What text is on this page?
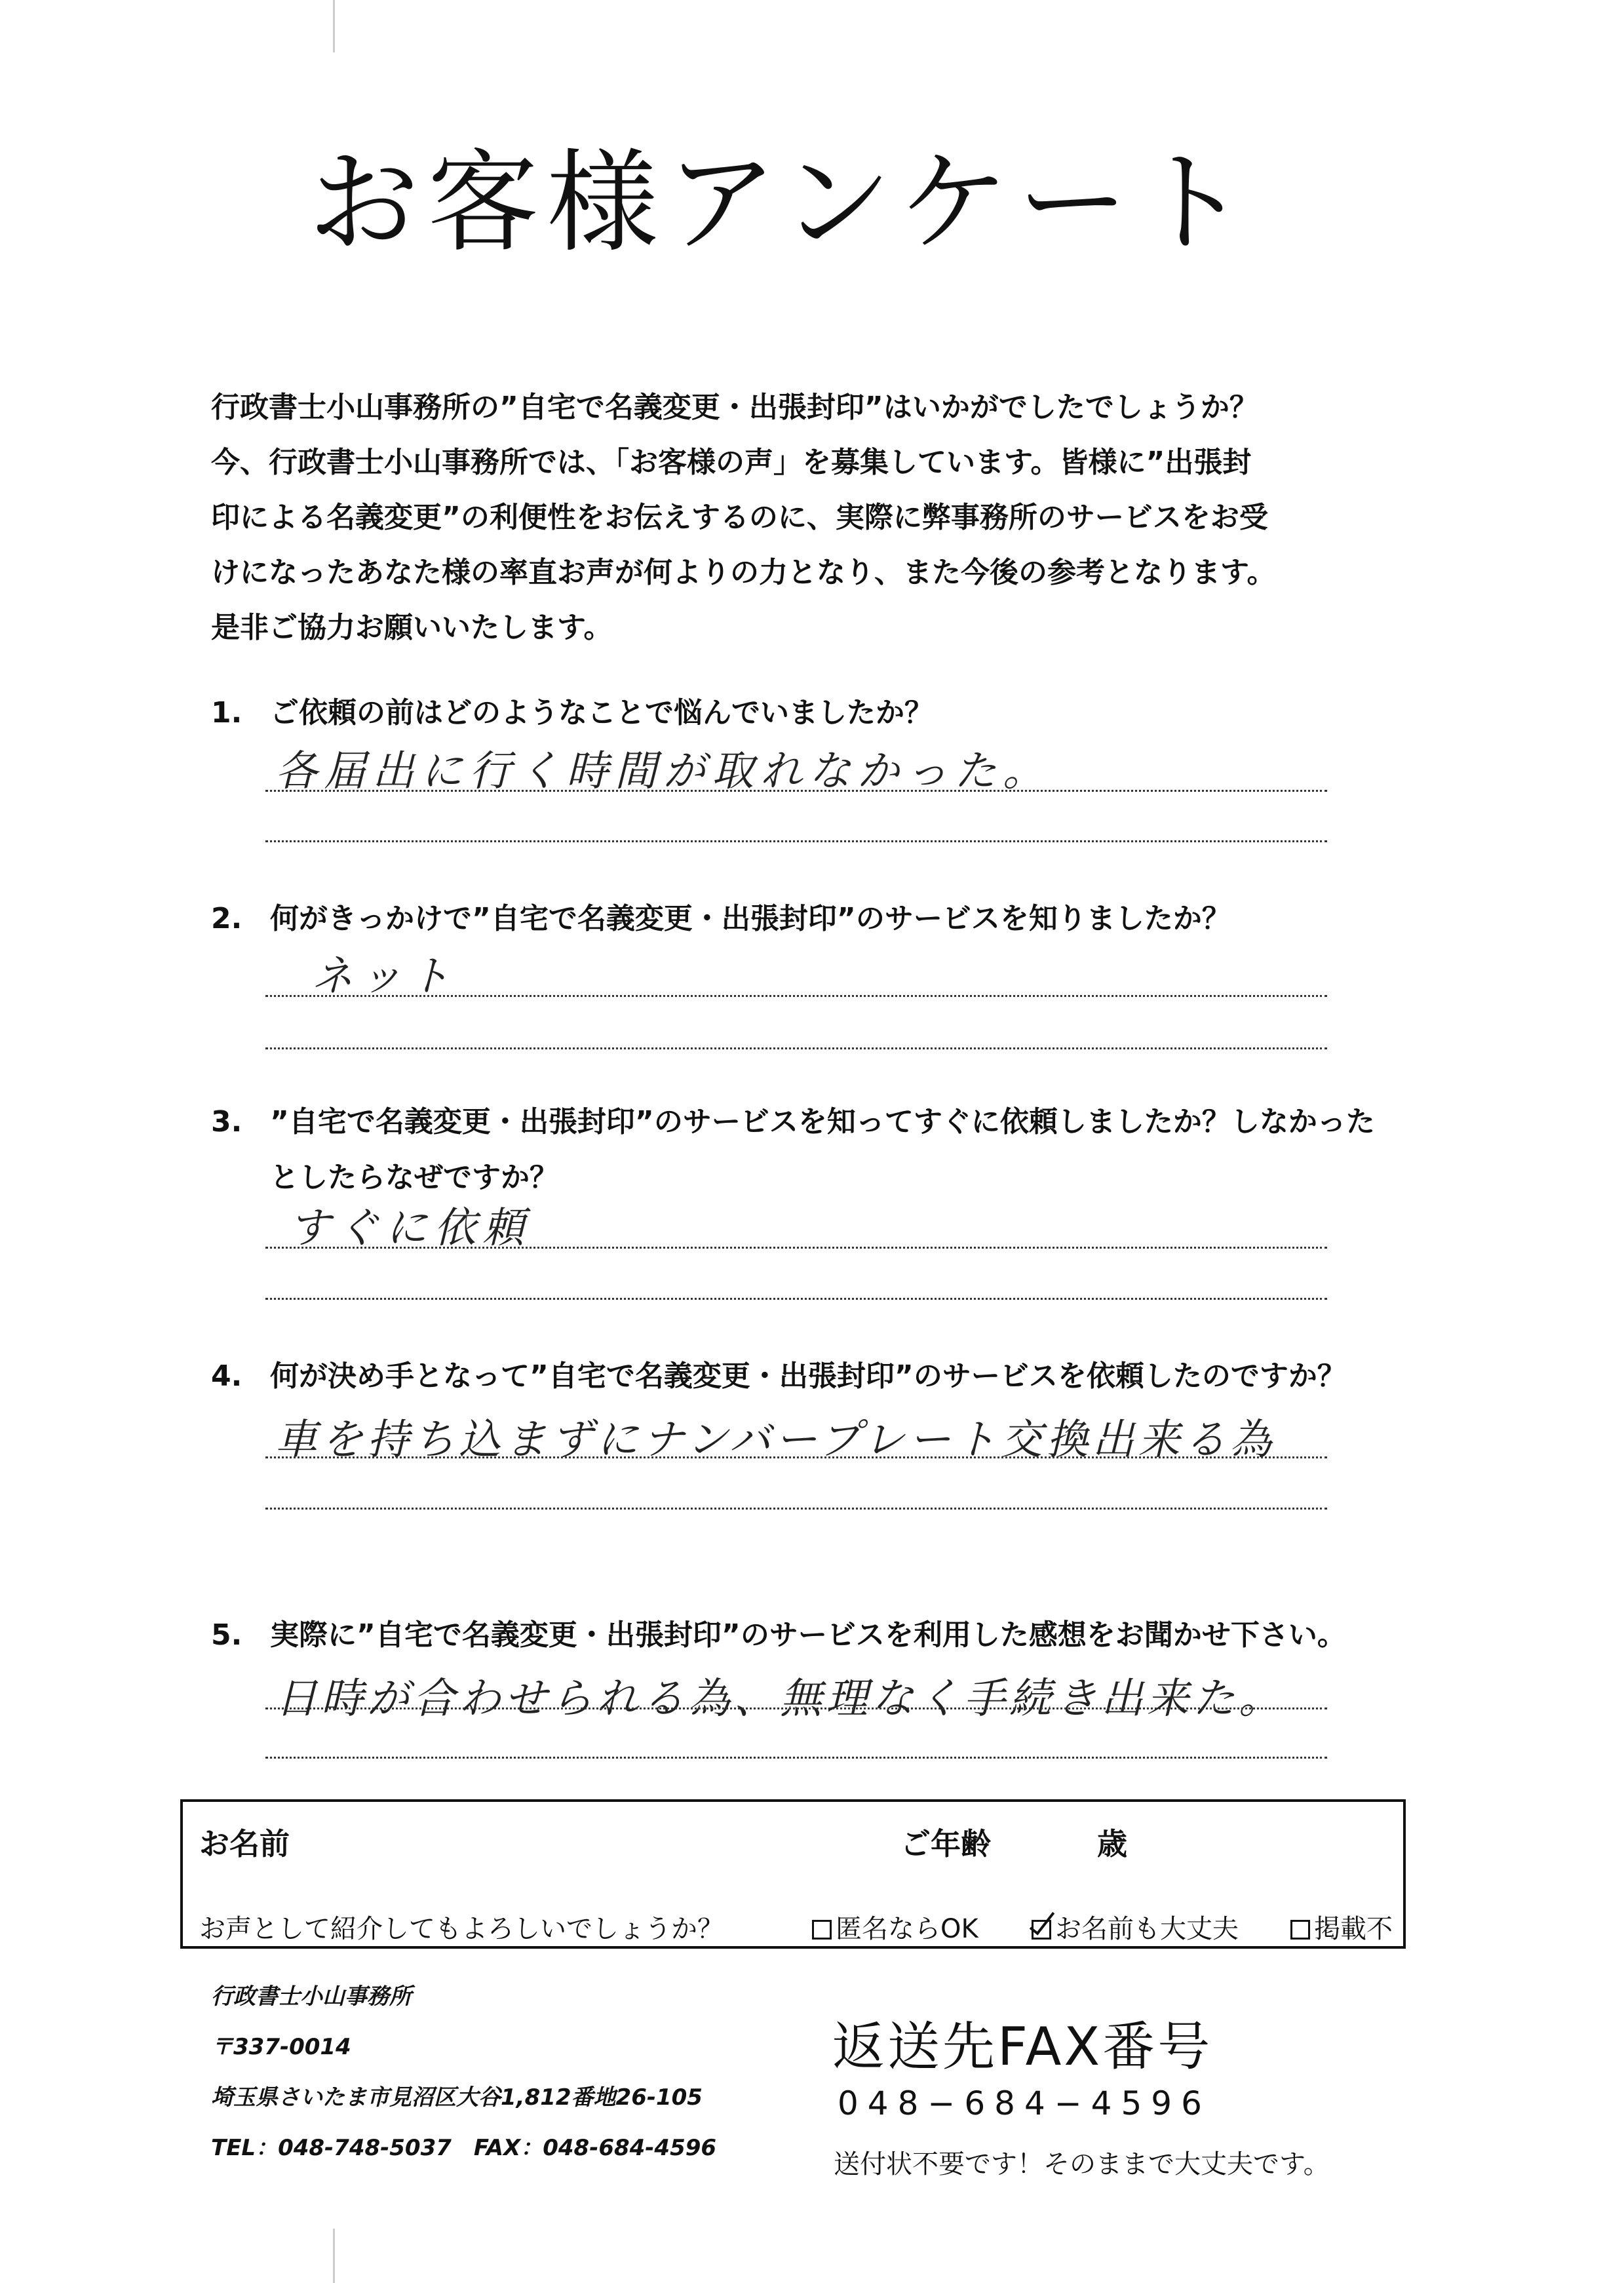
お客様アンケート
行政書士小山事務所の”自宅で名義変更・出張封印”はいかがでしたでしょうか？
今、行政書士小山事務所では、「お客様の声」を募集しています。皆様に”出張封
印による名義変更”の利便性をお伝えするのに、実際に弊事務所のサービスをお受
けになったあなた様の率直お声が何よりの力となり、また今後の参考となります。
是非ご協力お願いいたします。
1. ご依頼の前はどのようなことで悩んでいましたか？
各届出に行く時間が取れなかった。
2. 何がきっかけで”自宅で名義変更・出張封印”のサービスを知りましたか？
ネット
3. ”自宅で名義変更・出張封印”のサービスを知ってすぐに依頼しましたか？しなかった
としたらなぜですか？
すぐに依頼
4. 何が決め手となって”自宅で名義変更・出張封印”のサービスを依頼したのですか？
車を持ち込まずにナンバープレート交換出来る為
5. 実際に”自宅で名義変更・出張封印”のサービスを利用した感想をお聞かせ下さい。
日時が合わせられる為、無理なく手続き出来た。
お名前	ご年齢	歳
お声として紹介してもよろしいでしょうか？	匿名ならOK	お名前も大丈夫	掲載不
行政書士小山事務所
〒337-0014
埼玉県さいたま市見沼区大谷1,812番地26-105
TEL：048-748-5037　FAX：048-684-4596
返送先FAX番号
048−684−4596
送付状不要です！そのままで大丈夫です。
